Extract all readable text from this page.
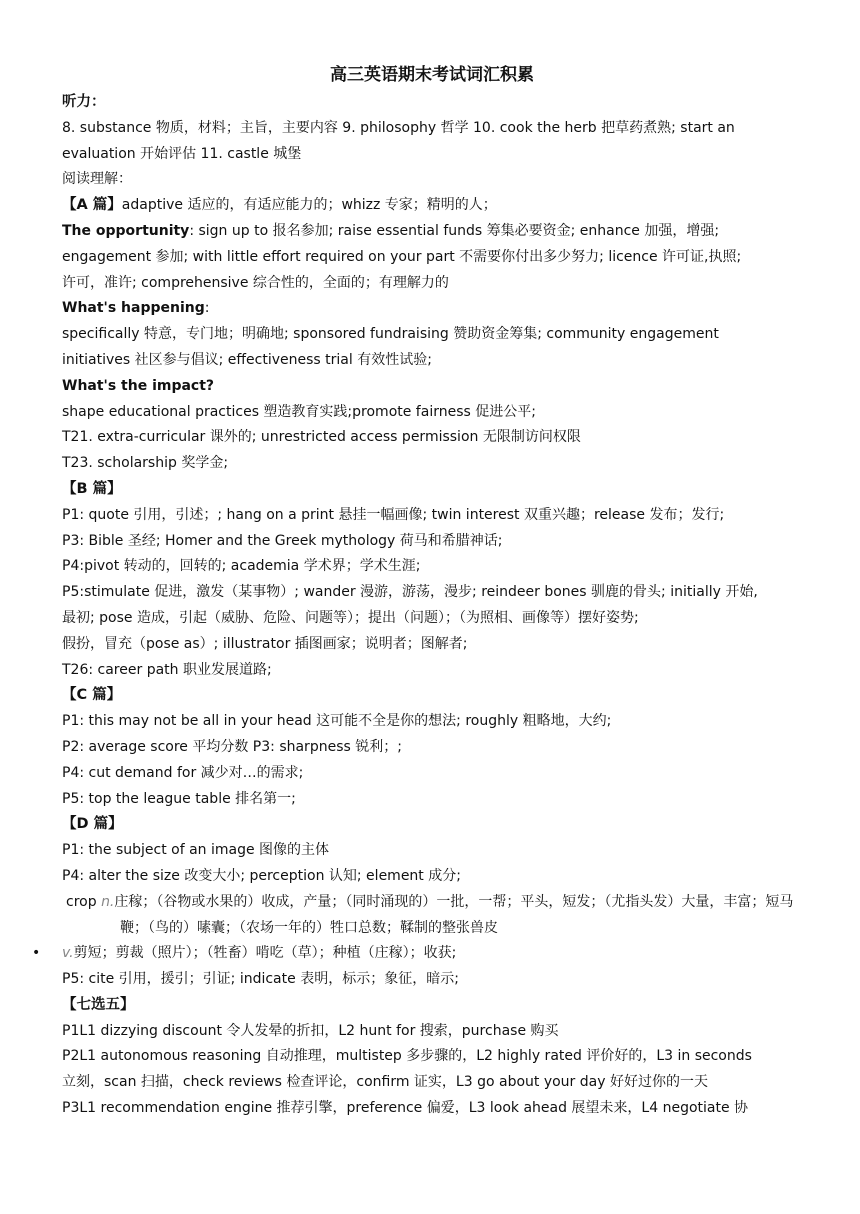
高三英语期末考试词汇积累

听力：

8. substance 物质，材料；主旨，主要内容 9. philosophy 哲学 10. cook the herb 把草药煮熟; start an

evaluation 开始评估 11. castle 城堡

阅读理解：

【A 篇】adaptive 适应的，有适应能力的；whizz 专家；精明的人；

The opportunity: sign up to 报名参加; raise essential funds 筹集必要资金; enhance 加强，增强;

engagement 参加; with little effort required on your part 不需要你付出多少努力; licence 许可证,执照;

许可，准许; comprehensive 综合性的，全面的；有理解力的

What's happening:

specifically 特意，专门地；明确地; sponsored fundraising 赞助资金筹集; community engagement

initiatives 社区参与倡议; effectiveness trial 有效性试验;

What's the impact?

shape educational practices 塑造教育实践;promote fairness 促进公平;

T21. extra-curricular 课外的; unrestricted access permission 无限制访问权限

T23. scholarship 奖学金;

【B 篇】

P1: quote 引用，引述；; hang on a print 悬挂一幅画像; twin interest 双重兴趣；release 发布；发行;

P3: Bible 圣经; Homer and the Greek mythology 荷马和希腊神话;

P4:pivot 转动的，回转的; academia 学术界；学术生涯;

P5:stimulate 促进，激发（某事物）; wander 漫游，游荡，漫步; reindeer bones 驯鹿的骨头; initially 开始,

最初; pose 造成，引起（威胁、危险、问题等）；提出（问题）；（为照相、画像等）摆好姿势;

假扮，冒充（pose as）; illustrator 插图画家；说明者；图解者;

T26: career path 职业发展道路;

【C 篇】

P1: this may not be all in your head 这可能不全是你的想法; roughly 粗略地，大约;

P2: average score 平均分数 P3: sharpness 锐利；;

P4: cut demand for 减少对…的需求;

P5: top the league table 排名第一;

【D 篇】

P1: the subject of an image 图像的主体

P4: alter the size 改变大小; perception 认知; element 成分;

crop n.庄稼；（谷物或水果的）收成，产量；（同时涌现的）一批，一帮；平头，短发；（尤指头发）大量，丰富；短马鞭；（鸟的）嗉囊；（农场一年的）牲口总数；鞣制的整张兽皮

• v.剪短；剪裁（照片）；（牲畜）啃吃（草）；种植（庄稼）；收获;

P5: cite 引用，援引；引证; indicate 表明，标示；象征，暗示;

【七选五】

P1L1 dizzying discount 令人发晕的折扣，L2 hunt for 搜索，purchase 购买

P2L1 autonomous reasoning 自动推理，multistep 多步骤的，L2 highly rated 评价好的，L3 in seconds

立刻，scan 扫描，check reviews 检查评论，confirm 证实，L3 go about your day 好好过你的一天

P3L1 recommendation engine 推荐引擎，preference 偏爱，L3 look ahead 展望未来，L4 negotiate 协
